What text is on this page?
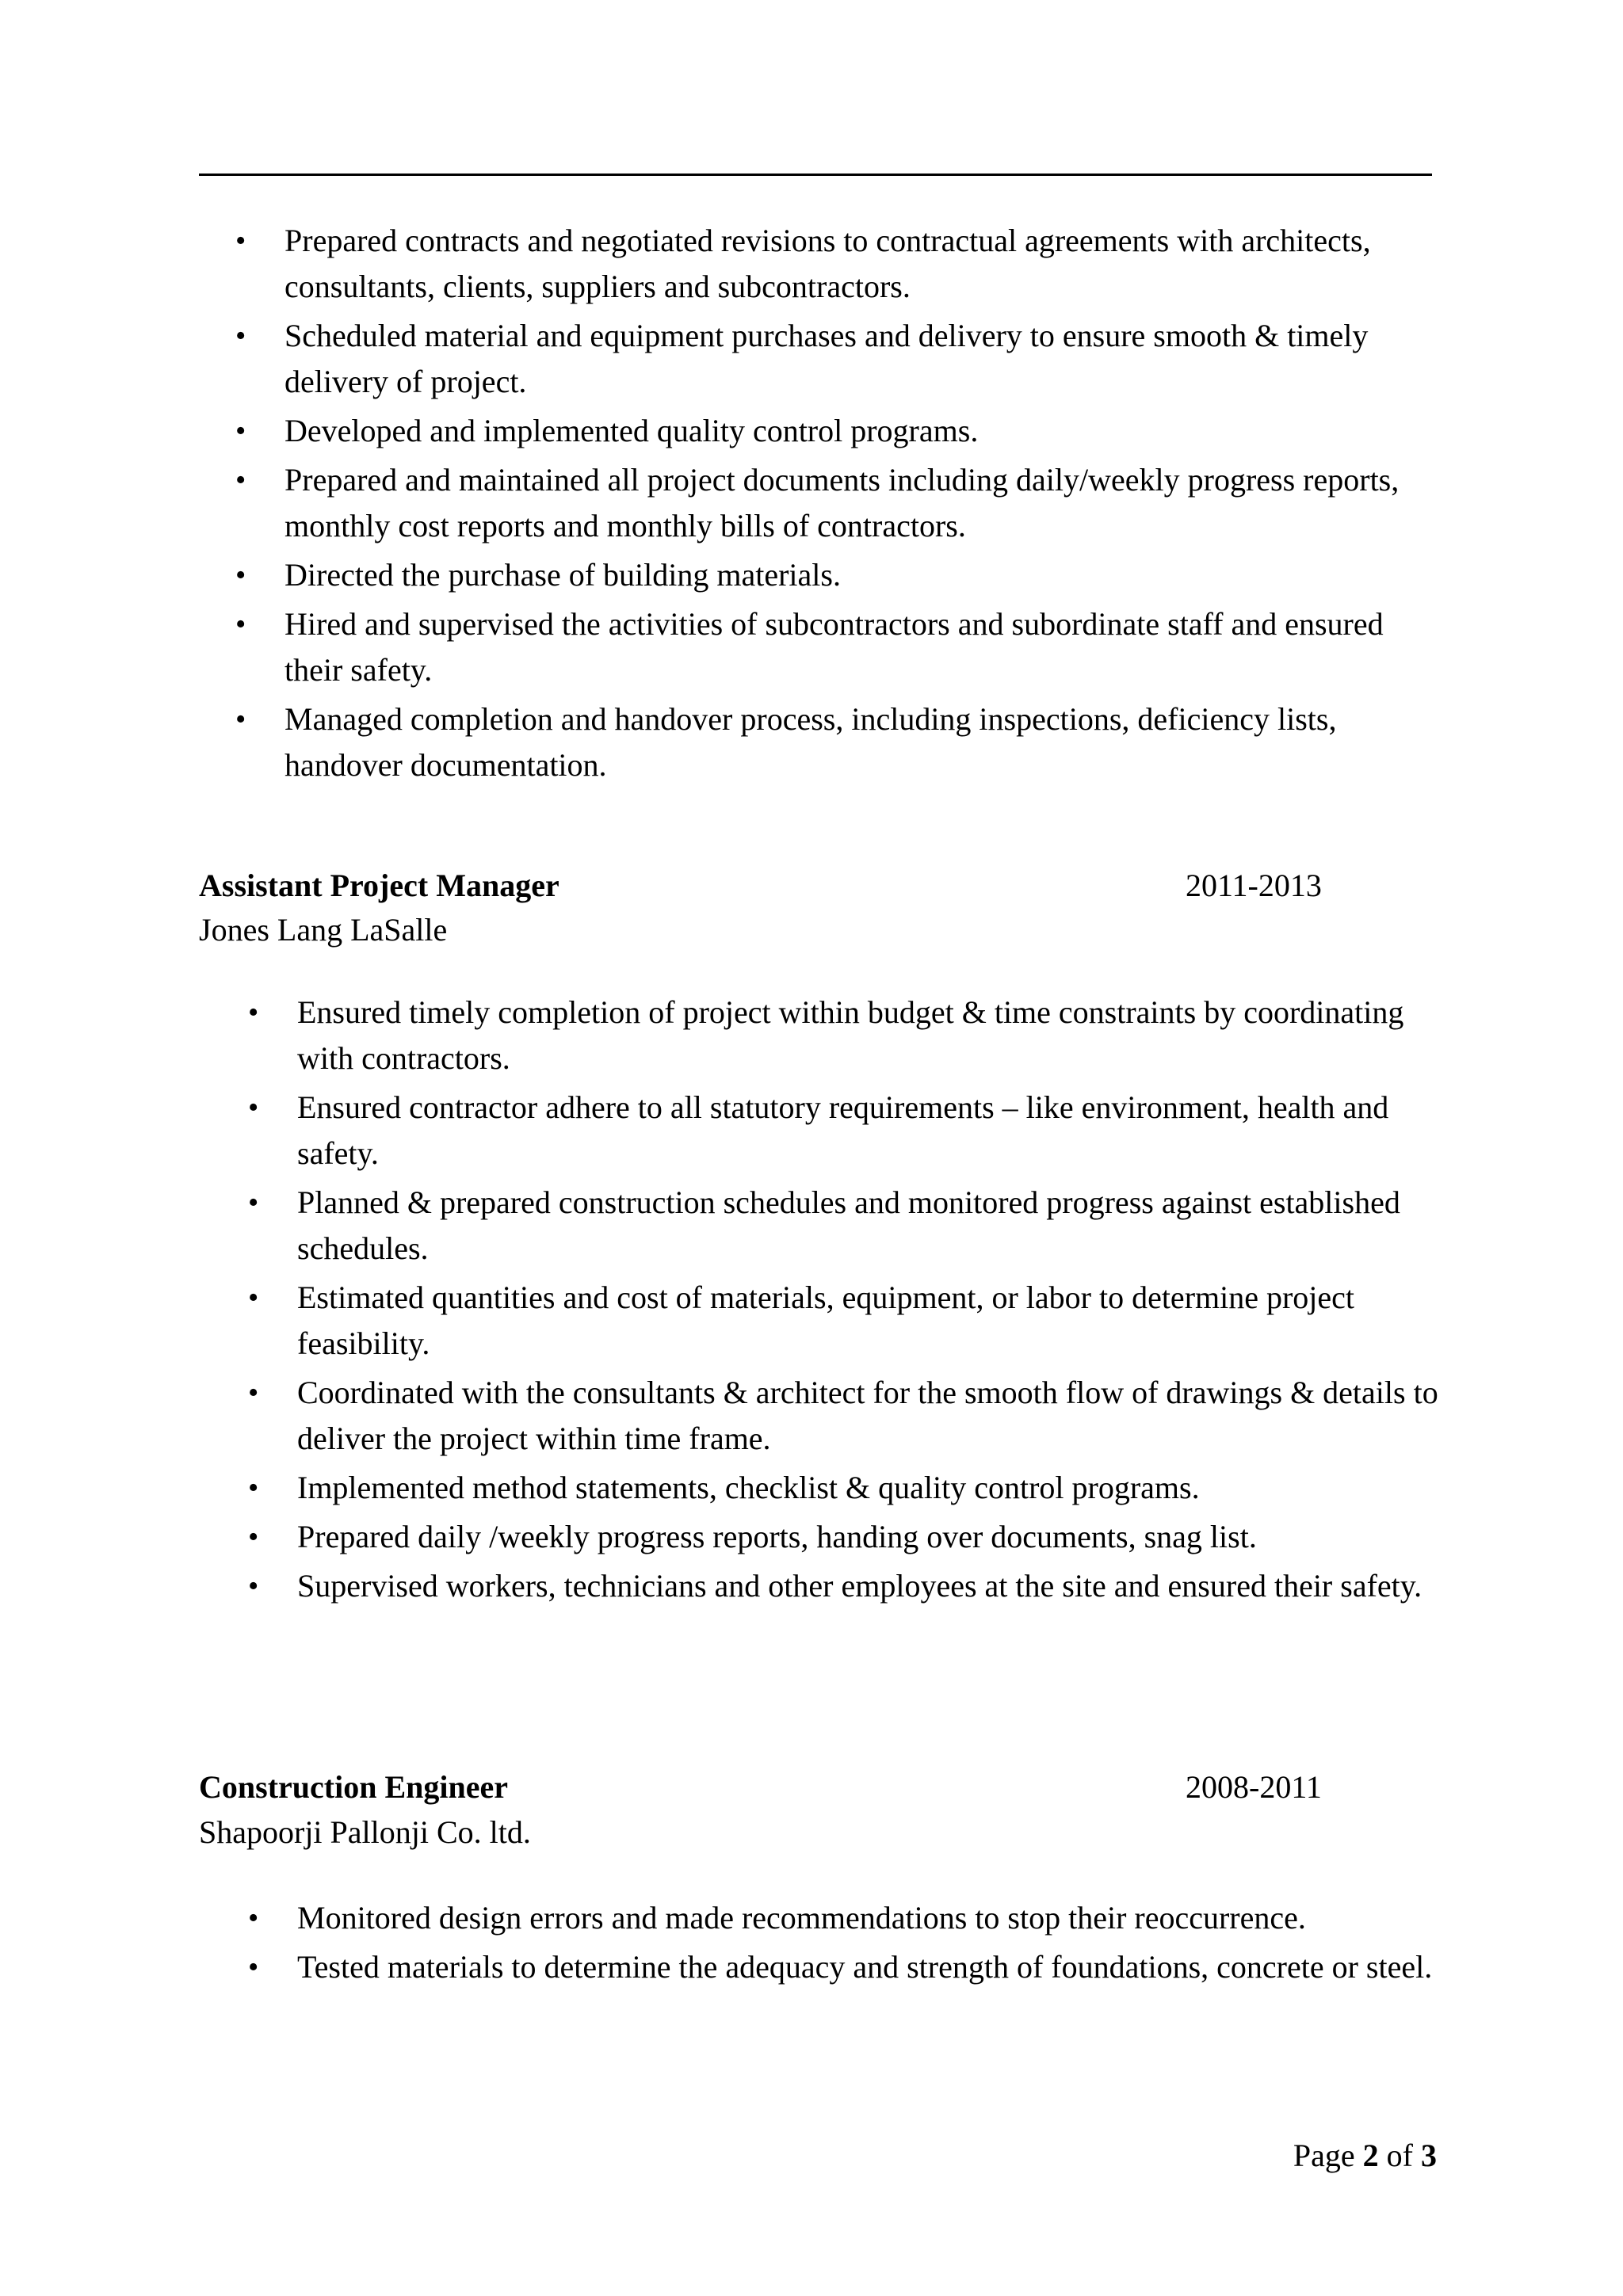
• Prepared contracts and negotiated revisions to contractual agreements with architects, consultants, clients, suppliers and subcontractors.
• Scheduled material and equipment purchases and delivery to ensure smooth & timely delivery of project.
• Developed and implemented quality control programs.
• Prepared and maintained all project documents including daily/weekly progress reports, monthly cost reports and monthly bills of contractors.
• Directed the purchase of building materials.
• Hired and supervised the activities of subcontractors and subordinate staff and ensured their safety.
• Managed completion and handover process, including inspections, deficiency lists, handover documentation.
Assistant Project Manager	2011-2013
Jones Lang LaSalle
• Ensured timely completion of project within budget & time constraints by coordinating with contractors.
• Ensured contractor adhere to all statutory requirements – like environment, health and safety.
• Planned & prepared construction schedules and monitored progress against established schedules.
• Estimated quantities and cost of materials, equipment, or labor to determine project feasibility.
• Coordinated with the consultants & architect for the smooth flow of drawings & details to deliver the project within time frame.
• Implemented method statements, checklist & quality control programs.
• Prepared daily /weekly progress reports, handing over documents, snag list.
• Supervised workers, technicians and other employees at the site and ensured their safety.
Construction Engineer	2008-2011
Shapoorji Pallonji Co. ltd.
• Monitored design errors and made recommendations to stop their reoccurrence.
• Tested materials to determine the adequacy and strength of foundations, concrete or steel.
Page 2 of 3
